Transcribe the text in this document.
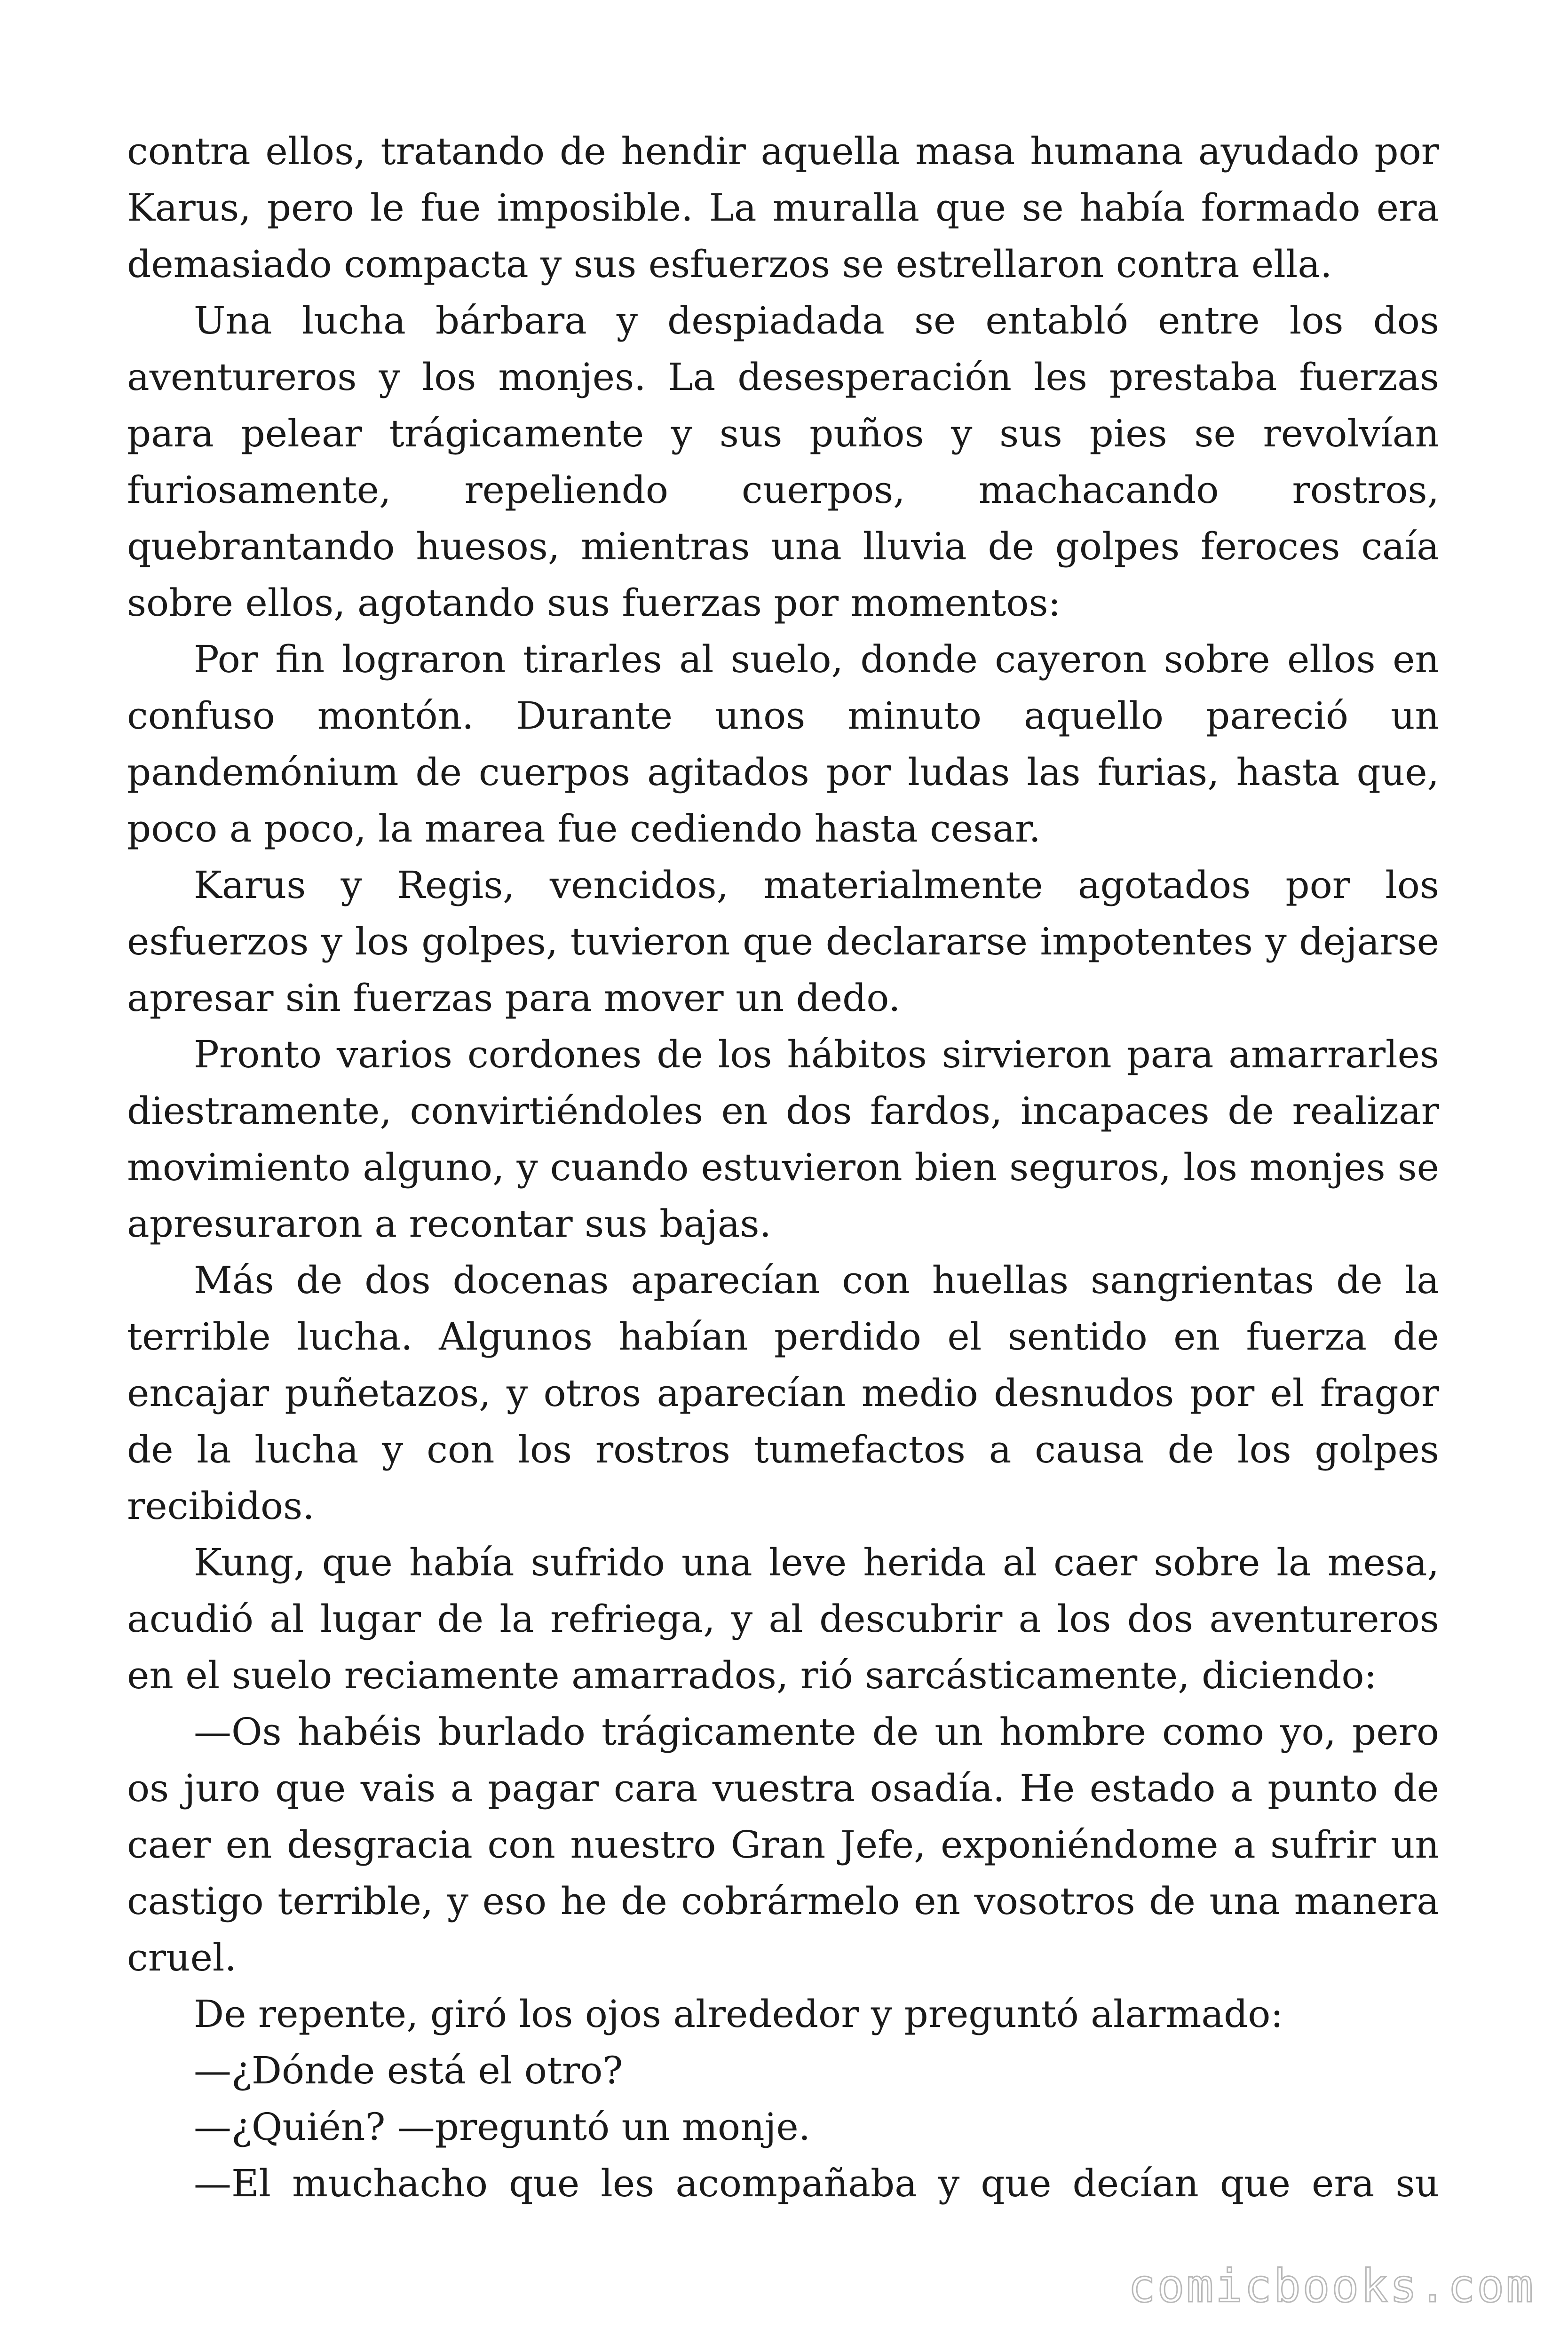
contra ellos, tratando de hendir aquella masa humana ayudado por Karus, pero le fue imposible. La muralla que se había formado era demasiado compacta y sus esfuerzos se estrellaron contra ella.

Una lucha bárbara y despiadada se entabló entre los dos aventureros y los monjes. La desesperación les prestaba fuerzas para pelear trágicamente y sus puños y sus pies se revolvían furiosamente, repeliendo cuerpos, machacando rostros, quebrantando huesos, mientras una lluvia de golpes feroces caía sobre ellos, agotando sus fuerzas por momentos:

Por fin lograron tirarles al suelo, donde cayeron sobre ellos en confuso montón. Durante unos minuto aquello pareció un pandemónium de cuerpos agitados por ludas las furias, hasta que, poco a poco, la marea fue cediendo hasta cesar.

Karus y Regis, vencidos, materialmente agotados por los esfuerzos y los golpes, tuvieron que declararse impotentes y dejarse apresar sin fuerzas para mover un dedo.

Pronto varios cordones de los hábitos sirvieron para amarrarles diestramente, convirtiéndoles en dos fardos, incapaces de realizar movimiento alguno, y cuando estuvieron bien seguros, los monjes se apresuraron a recontar sus bajas.

Más de dos docenas aparecían con huellas sangrientas de la terrible lucha. Algunos habían perdido el sentido en fuerza de encajar puñetazos, y otros aparecían medio desnudos por el fragor de la lucha y con los rostros tumefactos a causa de los golpes recibidos.

Kung, que había sufrido una leve herida al caer sobre la mesa, acudió al lugar de la refriega, y al descubrir a los dos aventureros en el suelo reciamente amarrados, rió sarcásticamente, diciendo:

—Os habéis burlado trágicamente de un hombre como yo, pero os juro que vais a pagar cara vuestra osadía. He estado a punto de caer en desgracia con nuestro Gran Jefe, exponiéndome a sufrir un castigo terrible, y eso he de cobrármelo en vosotros de una manera cruel.

De repente, giró los ojos alrededor y preguntó alarmado:

—¿Dónde está el otro?

—¿Quién? —preguntó un monje.

—El muchacho que les acompañaba y que decían que era su

comicbooks.com
